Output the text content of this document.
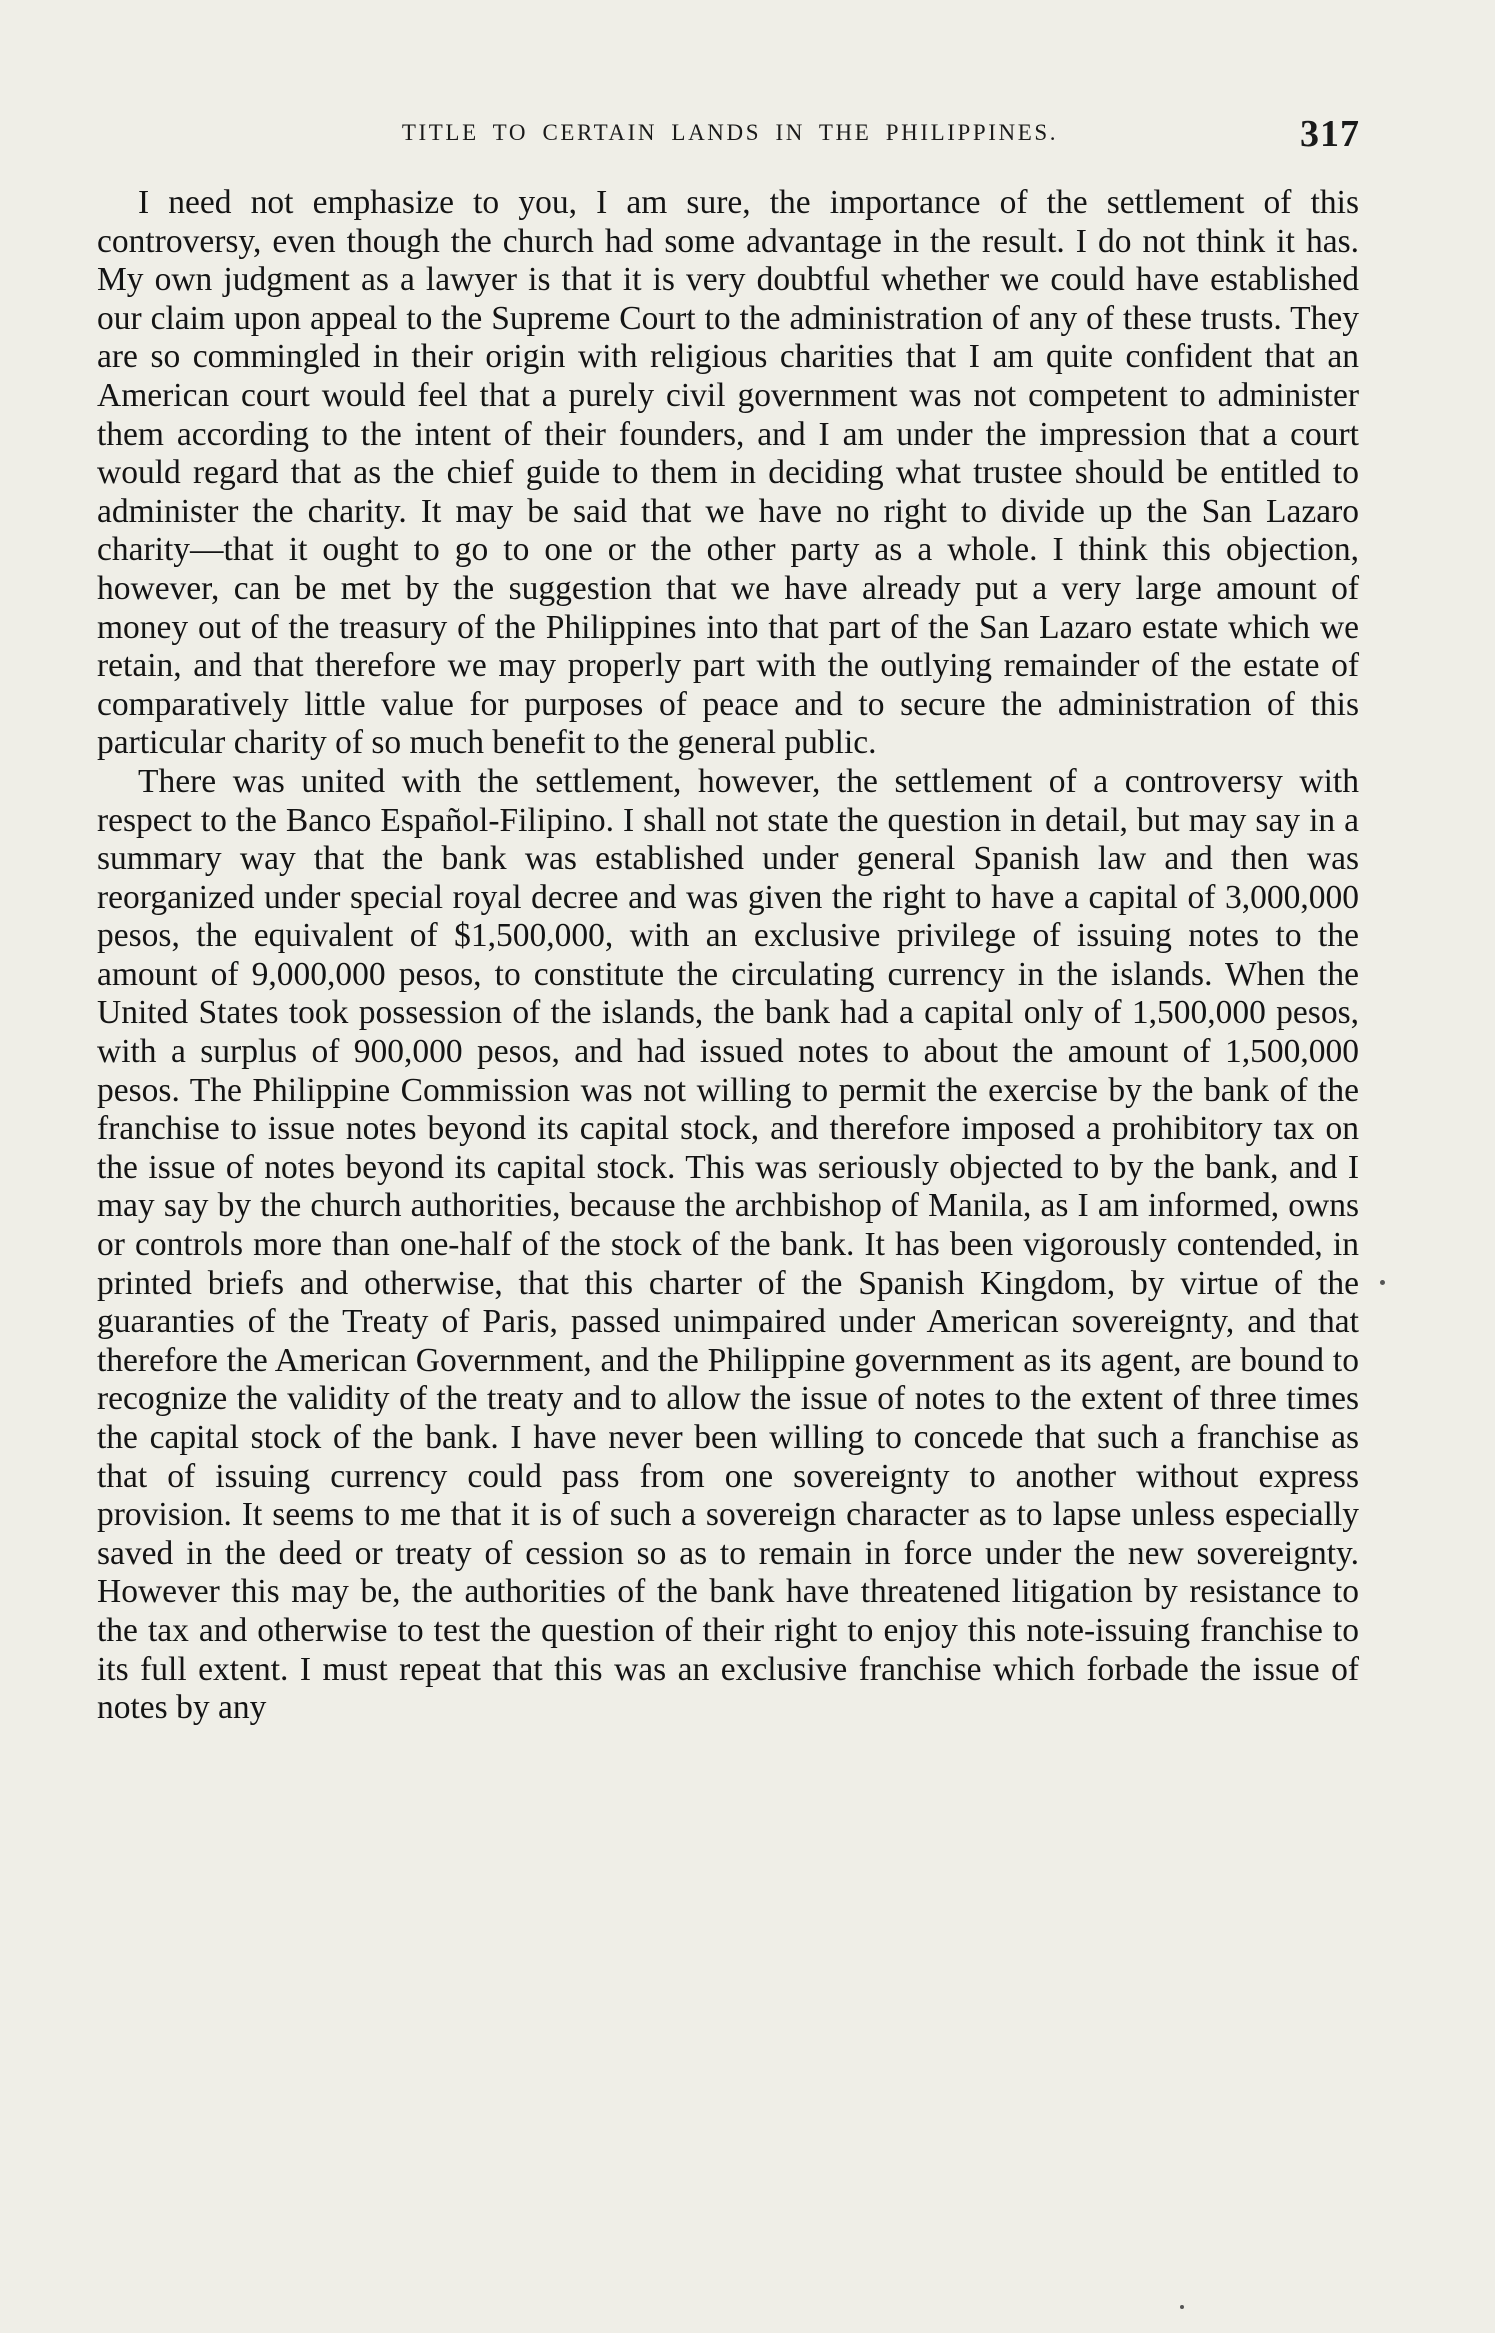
TITLE TO CERTAIN LANDS IN THE PHILIPPINES.	317

I need not emphasize to you, I am sure, the importance of the settlement of this controversy, even though the church had some advantage in the result. I do not think it has. My own judgment as a lawyer is that it is very doubtful whether we could have established our claim upon appeal to the Supreme Court to the administration of any of these trusts. They are so commingled in their origin with religious charities that I am quite confident that an American court would feel that a purely civil government was not competent to administer them according to the intent of their founders, and I am under the impression that a court would regard that as the chief guide to them in deciding what trustee should be entitled to administer the charity. It may be said that we have no right to divide up the San Lazaro charity—that it ought to go to one or the other party as a whole. I think this objection, however, can be met by the suggestion that we have already put a very large amount of money out of the treasury of the Philippines into that part of the San Lazaro estate which we retain, and that therefore we may properly part with the outlying remainder of the estate of comparatively little value for purposes of peace and to secure the administration of this particular charity of so much benefit to the general public.

There was united with the settlement, however, the settlement of a controversy with respect to the Banco Español-Filipino. I shall not state the question in detail, but may say in a summary way that the bank was established under general Spanish law and then was reorganized under special royal decree and was given the right to have a capital of 3,000,000 pesos, the equivalent of $1,500,000, with an exclusive privilege of issuing notes to the amount of 9,000,000 pesos, to constitute the circulating currency in the islands. When the United States took possession of the islands, the bank had a capital only of 1,500,000 pesos, with a surplus of 900,000 pesos, and had issued notes to about the amount of 1,500,000 pesos. The Philippine Commission was not willing to permit the exercise by the bank of the franchise to issue notes beyond its capital stock, and therefore imposed a prohibitory tax on the issue of notes beyond its capital stock. This was seriously objected to by the bank, and I may say by the church authorities, because the archbishop of Manila, as I am informed, owns or controls more than one-half of the stock of the bank. It has been vigorously contended, in printed briefs and otherwise, that this charter of the Spanish Kingdom, by virtue of the guaranties of the Treaty of Paris, passed unimpaired under American sovereignty, and that therefore the American Government, and the Philippine government as its agent, are bound to recognize the validity of the treaty and to allow the issue of notes to the extent of three times the capital stock of the bank. I have never been willing to concede that such a franchise as that of issuing currency could pass from one sovereignty to another without express provision. It seems to me that it is of such a sovereign character as to lapse unless especially saved in the deed or treaty of cession so as to remain in force under the new sovereignty. However this may be, the authorities of the bank have threatened litigation by resistance to the tax and otherwise to test the question of their right to enjoy this note-issuing franchise to its full extent. I must repeat that this was an exclusive franchise which forbade the issue of notes by any
